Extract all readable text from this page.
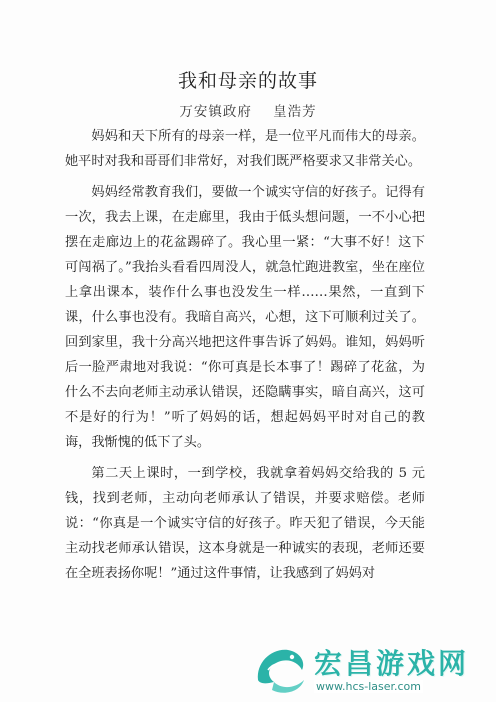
我和母亲的故事
万安镇政府 皇浩芳

妈妈和天下所有的母亲一样，是一位平凡而伟大的母亲。她平时对我和哥哥们非常好，对我们既严格要求又非常关心。

妈妈经常教育我们，要做一个诚实守信的好孩子。记得有一次，我去上课，在走廊里，我由于低头想问题，一不小心把摆在走廊边上的花盆踢碎了。我心里一紧：“大事不好！这下可闯祸了。”我抬头看看四周没人，就急忙跑进教室，坐在座位上拿出课本，装作什么事也没发生一样……果然，一直到下课，什么事也没有。我暗自高兴，心想，这下可顺利过关了。回到家里，我十分高兴地把这件事告诉了妈妈。谁知，妈妈听后一脸严肃地对我说：“你可真是长本事了！踢碎了花盆，为什么不去向老师主动承认错误，还隐瞒事实，暗自高兴，这可不是好的行为！”听了妈妈的话，想起妈妈平时对自己的教诲，我惭愧的低下了头。

第二天上课时，一到学校，我就拿着妈妈交给我的 5 元钱，找到老师，主动向老师承认了错误，并要求赔偿。老师说：“你真是一个诚实守信的好孩子。昨天犯了错误，今天能主动找老师承认错误，这本身就是一种诚实的表现，老师还要在全班表扬你呢！”通过这件事情，让我感到了妈妈对

宏昌游戏网
www.hcs-laser.com
